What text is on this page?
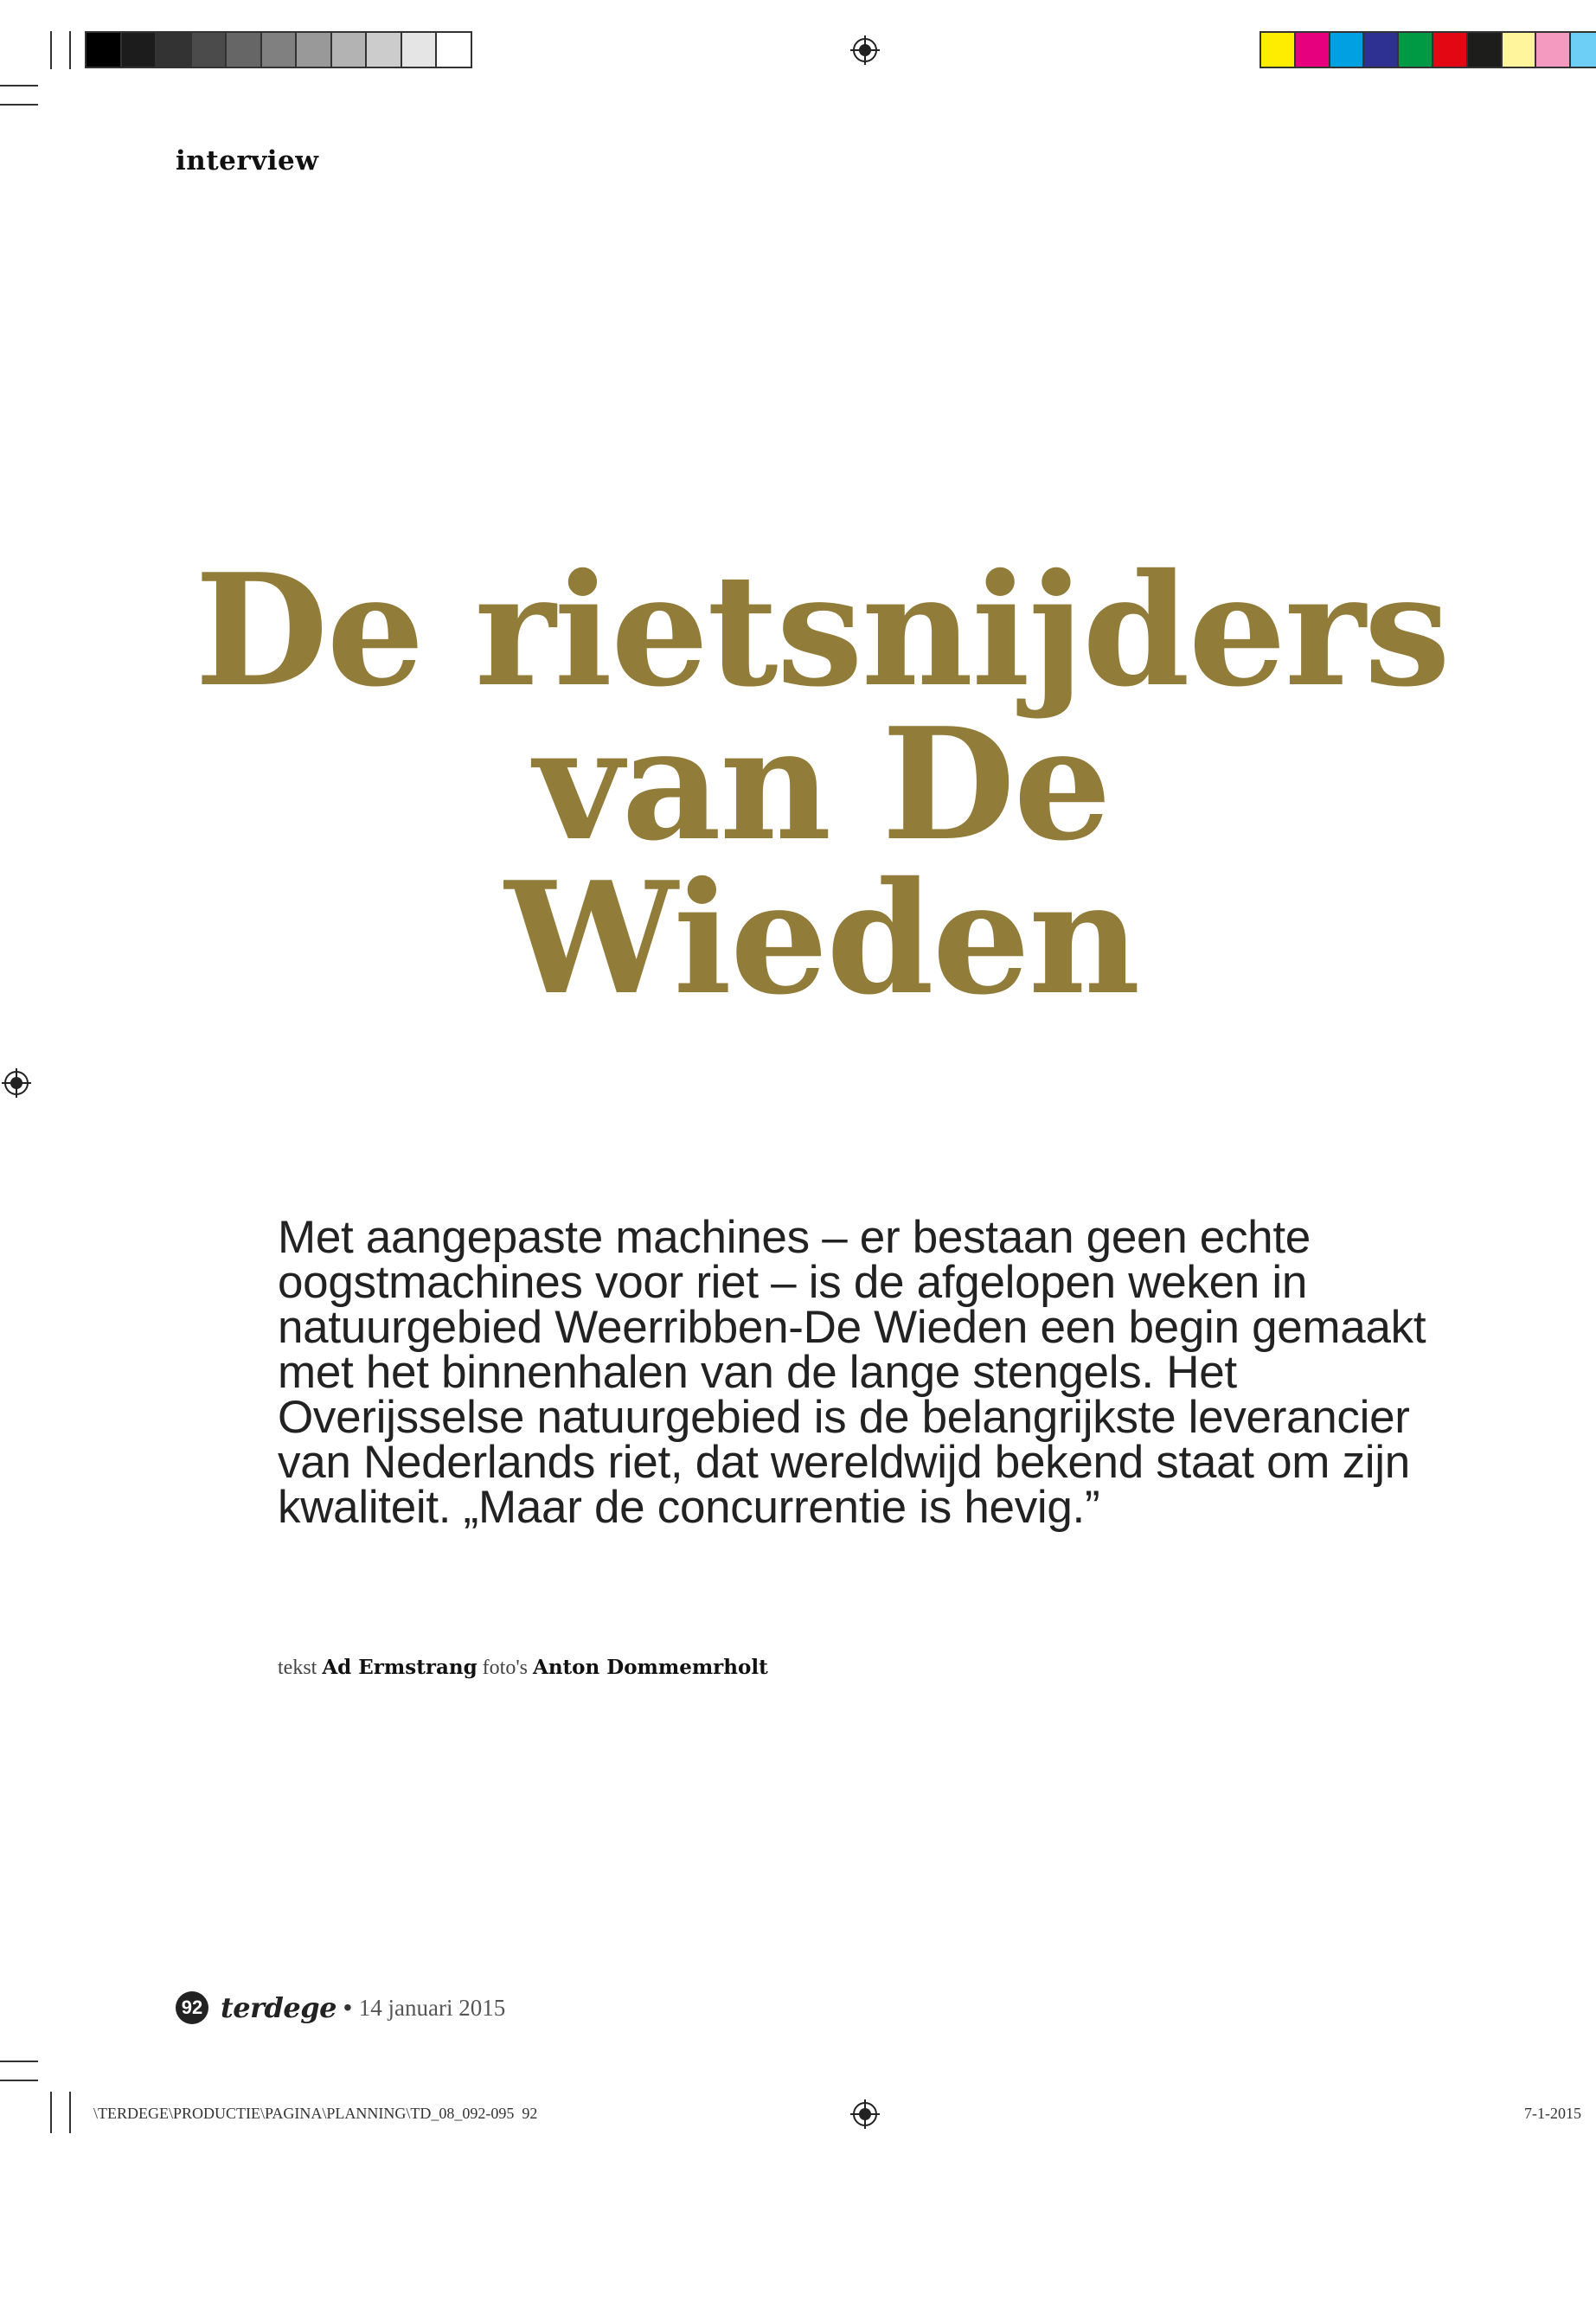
interview
De rietsnijders
van De
Wieden

Met aangepaste machines – er bestaan geen echte oogstmachines voor riet – is de afgelopen weken in natuurgebied Weerribben-De Wieden een begin gemaakt met het binnenhalen van de lange stengels. Het Overijsselse natuurgebied is de belangrijkste leverancier van Nederlands riet, dat wereldwijd bekend staat om zijn kwaliteit. „Maar de concurrentie is hevig.”

tekst Ad Ermstrang foto's Anton Dommemrholt
92 terdege • 14 januari 2015
\TERDEGE\PRODUCTIE\PAGINA\PLANNING\TD_08_092-095 92	7-1-2015
